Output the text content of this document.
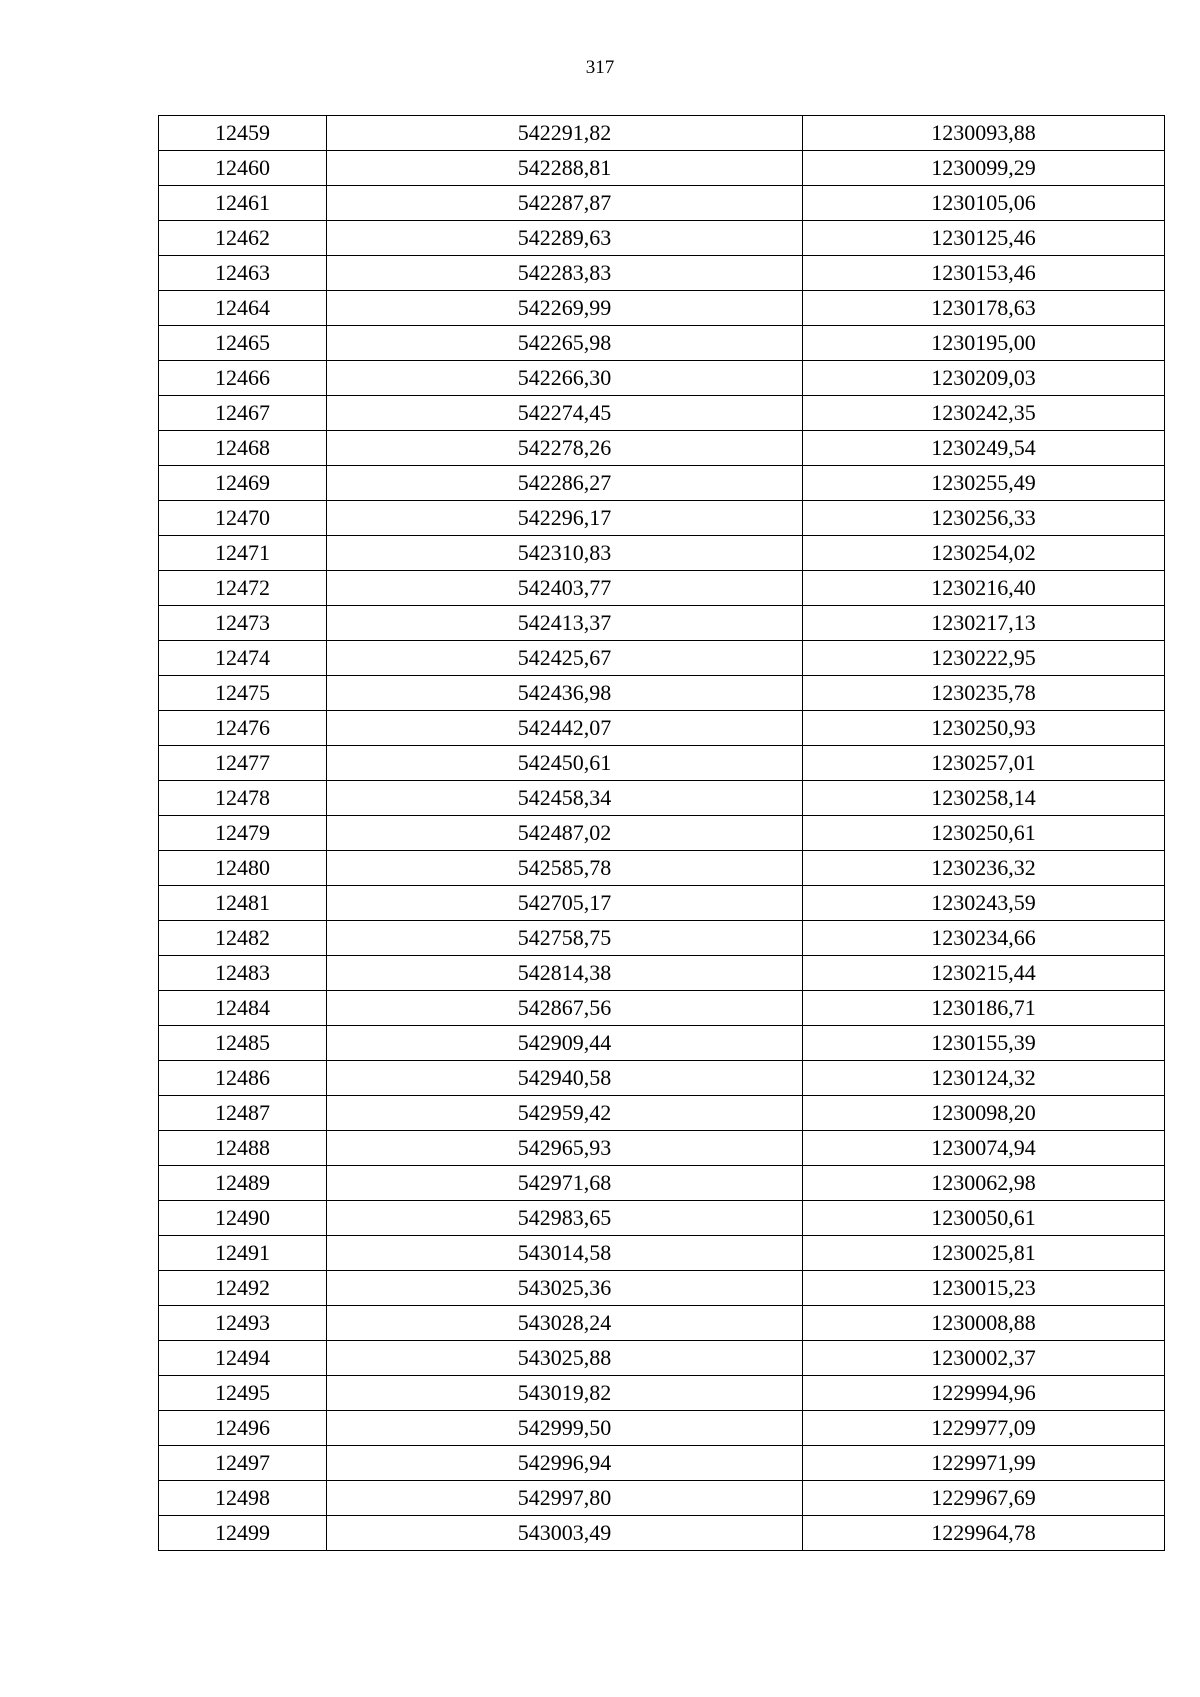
317
12459	542291,82	1230093,88
12460	542288,81	1230099,29
12461	542287,87	1230105,06
12462	542289,63	1230125,46
12463	542283,83	1230153,46
12464	542269,99	1230178,63
12465	542265,98	1230195,00
12466	542266,30	1230209,03
12467	542274,45	1230242,35
12468	542278,26	1230249,54
12469	542286,27	1230255,49
12470	542296,17	1230256,33
12471	542310,83	1230254,02
12472	542403,77	1230216,40
12473	542413,37	1230217,13
12474	542425,67	1230222,95
12475	542436,98	1230235,78
12476	542442,07	1230250,93
12477	542450,61	1230257,01
12478	542458,34	1230258,14
12479	542487,02	1230250,61
12480	542585,78	1230236,32
12481	542705,17	1230243,59
12482	542758,75	1230234,66
12483	542814,38	1230215,44
12484	542867,56	1230186,71
12485	542909,44	1230155,39
12486	542940,58	1230124,32
12487	542959,42	1230098,20
12488	542965,93	1230074,94
12489	542971,68	1230062,98
12490	542983,65	1230050,61
12491	543014,58	1230025,81
12492	543025,36	1230015,23
12493	543028,24	1230008,88
12494	543025,88	1230002,37
12495	543019,82	1229994,96
12496	542999,50	1229977,09
12497	542996,94	1229971,99
12498	542997,80	1229967,69
12499	543003,49	1229964,78
